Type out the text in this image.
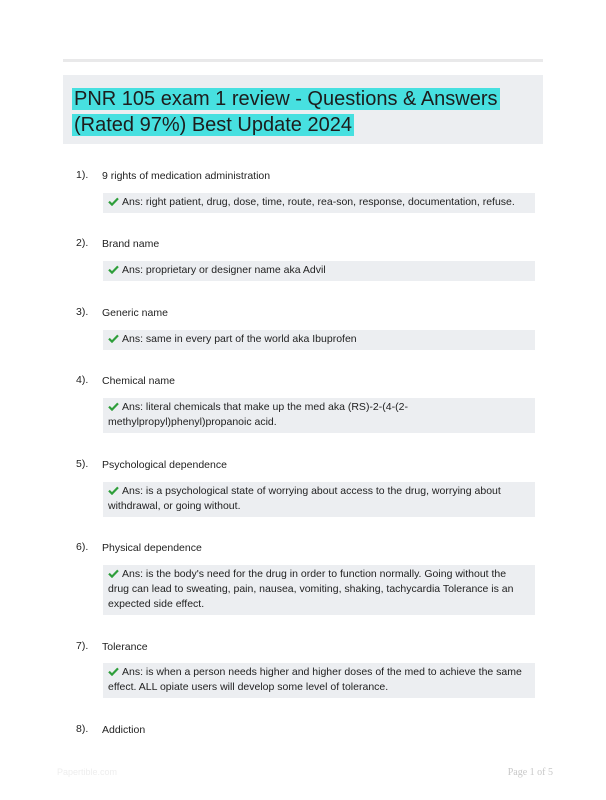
PNR 105 exam 1 review - Questions & Answers (Rated 97%) Best Update 2024
1). 9 rights of medication administration
Ans: right patient, drug, dose, time, route, rea-son, response, documentation, refuse.
2). Brand name
Ans: proprietary or designer name aka Advil
3). Generic name
Ans: same in every part of the world aka Ibuprofen
4). Chemical name
Ans: literal chemicals that make up the med aka (RS)-2-(4-(2-methylpropyl)phenyl)propanoic acid.
5). Psychological dependence
Ans: is a psychological state of worrying about access to the drug, worrying about withdrawal, or going without.
6). Physical dependence
Ans: is the body's need for the drug in order to function normally. Going without the drug can lead to sweating, pain, nausea, vomiting, shaking, tachycardia Tolerance is an expected side effect.
7). Tolerance
Ans: is when a person needs higher and higher doses of the med to achieve the same effect. ALL opiate users will develop some level of tolerance.
8). Addiction
Papertible.com	Page 1 of 5
